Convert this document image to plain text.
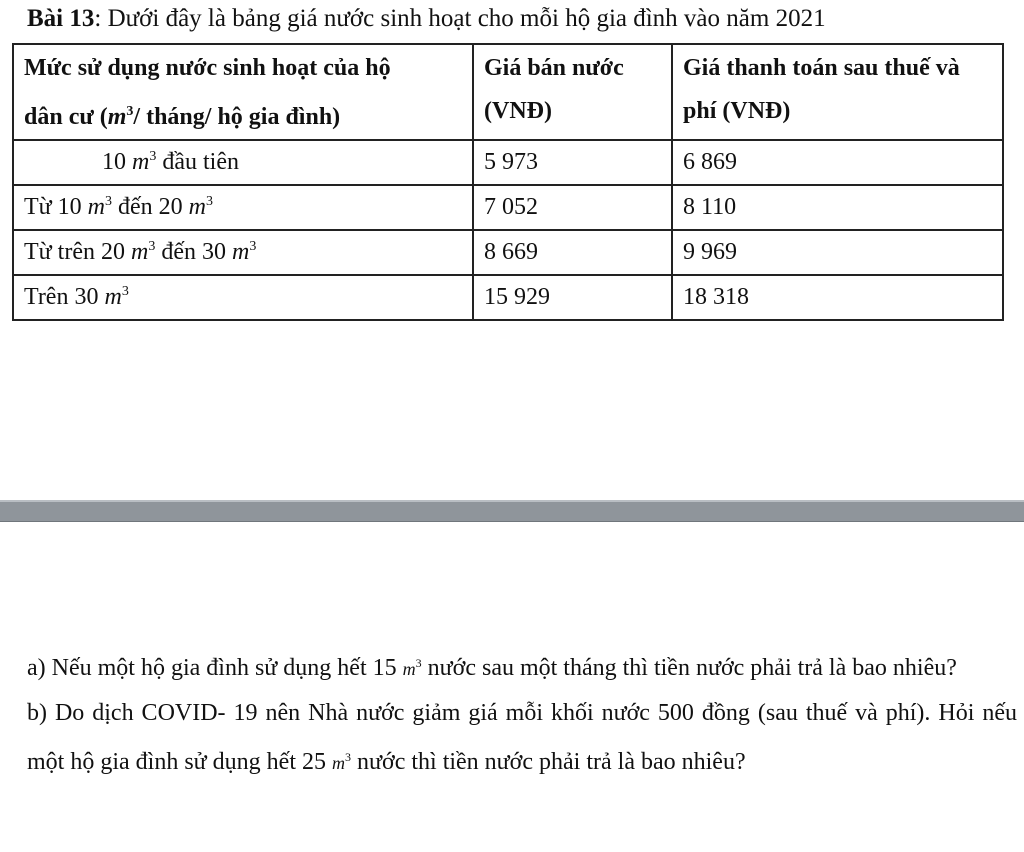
Bài 13: Dưới đây là bảng giá nước sinh hoạt cho mỗi hộ gia đình vào năm 2021
Mức sử dụng nước sinh hoạt của hộ
dân cư ($m^3/$ tháng/ hộ gia đình)	Giá bán nước (VNĐ)	Giá thanh toán sau thuế và phí (VNĐ)
10 $m^3$ đầu tiên	5 973	6 869
Từ 10 $m^3$ đến 20 $m^3$	7 052	8 110
Từ trên 20 $m^3$ đến 30 $m^3$	8 669	9 969
Trên 30 $m^3$	15 929	18 318

a) Nếu một hộ gia đình sử dụng hết 15 $m^3$ nước sau một tháng thì tiền nước phải trả là bao nhiêu?

b) Do dịch COVID- 19 nên Nhà nước giảm giá mỗi khối nước 500 đồng (sau thuế và phí). Hỏi nếu một hộ gia đình sử dụng hết 25 $m^3$ nước thì tiền nước phải trả là bao nhiêu?
